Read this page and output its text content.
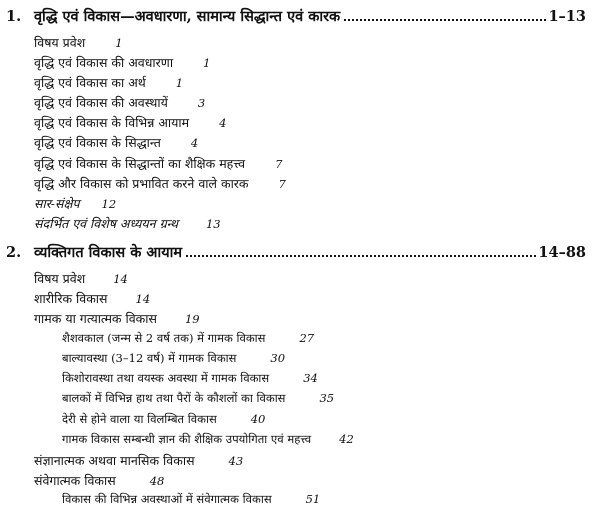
1. वृद्धि एवं विकास—अवधारणा, सामान्य सिद्धान्त एवं कारक	1–13
विषय प्रवेश	1
वृद्धि एवं विकास की अवधारणा	1
वृद्धि एवं विकास का अर्थ	1
वृद्धि एवं विकास की अवस्थायें	3
वृद्धि एवं विकास के विभिन्न आयाम	4
वृद्धि एवं विकास के सिद्धान्त	4
वृद्धि एवं विकास के सिद्धान्तों का शैक्षिक महत्त्व	7
वृद्धि और विकास को प्रभावित करने वाले कारक	7
सार-संक्षेप 12
संदर्भित एवं विशेष अध्ययन ग्रन्थ 13
2. व्यक्तिगत विकास के आयाम	14–88
विषय प्रवेश 14
शारीरिक विकास 14
गामक या गत्यात्मक विकास 19
शैशवकाल (जन्म से 2 वर्ष तक) में गामक विकास	27
बाल्यावस्था (3–12 वर्ष) में गामक विकास	30
किशोरावस्था तथा वयस्क अवस्था में गामक विकास	34
बालकों में विभिन्न हाथ तथा पैरों के कौशलों का विकास	35
देरी से होने वाला या विलम्बित विकास	40
गामक विकास सम्बन्धी ज्ञान की शैक्षिक उपयोगिता एवं महत्त्व 42
संज्ञानात्मक अथवा मानसिक विकास	43
संवेगात्मक विकास	48
विकास की विभिन्न अवस्थाओं में संवेगात्मक विकास	51
